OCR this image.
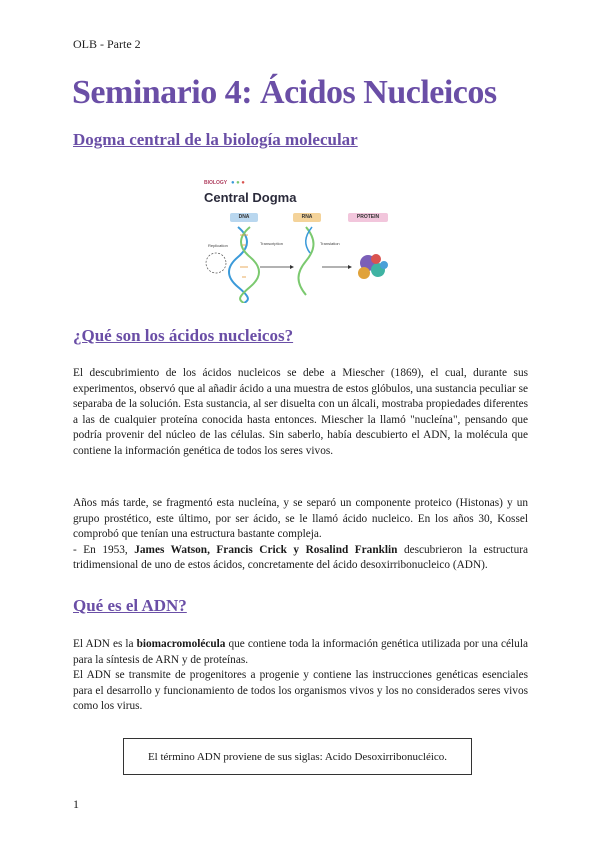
OLB - Parte 2
Seminario 4: Ácidos Nucleicos
Dogma central de la biología molecular
BIOLOGY ● ● ●
Central Dogma
DNA	RNA	PROTEIN
Replication	Transcription	Translation
¿Qué son los ácidos nucleicos?

El descubrimiento de los ácidos nucleicos se debe a Miescher (1869), el cual, durante sus experimentos, observó que al añadir ácido a una muestra de estos glóbulos, una sustancia peculiar se separaba de la solución. Esta sustancia, al ser disuelta con un álcali, mostraba propiedades diferentes a las de cualquier proteína conocida hasta entonces. Miescher la llamó "nucleína", pensando que podría provenir del núcleo de las células. Sin saberlo, había descubierto el ADN, la molécula que contiene la información genética de todos los seres vivos.

Años más tarde, se fragmentó esta nucleína, y se separó un componente proteico (Histonas) y un grupo prostético, este último, por ser ácido, se le llamó ácido nucleico. En los años 30, Kossel comprobó que tenían una estructura bastante compleja.

- En 1953, James Watson, Francis Crick y Rosalind Franklin descubrieron la estructura tridimensional de uno de estos ácidos, concretamente del ácido desoxirribonucleico (ADN).

Qué es el ADN?

El ADN es la biomacromolécula que contiene toda la información genética utilizada por una célula para la síntesis de ARN y de proteínas.

El ADN se transmite de progenitores a progenie y contiene las instrucciones genéticas esenciales para el desarrollo y funcionamiento de todos los organismos vivos y los no considerados seres vivos como los virus.

El término ADN proviene de sus siglas: Acido Desoxirribonucléico.
1
